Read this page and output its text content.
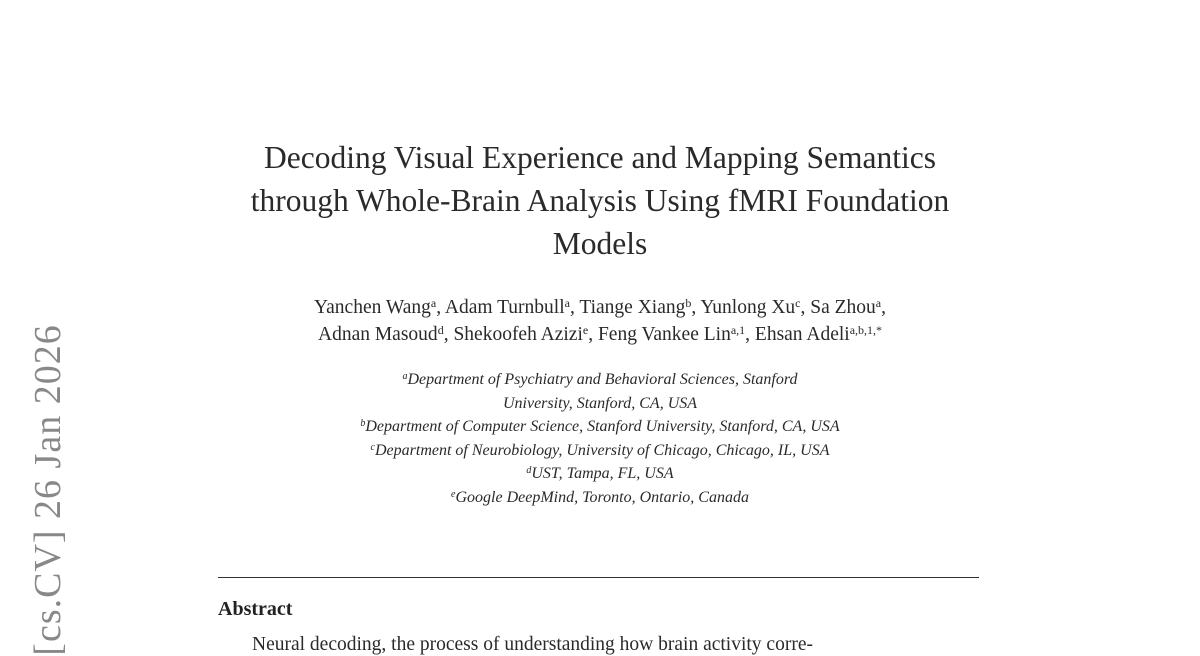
[cs.CV] 26 Jan 2026
Decoding Visual Experience and Mapping Semantics
through Whole-Brain Analysis Using fMRI Foundation
Models
Yanchen Wang$^a$, Adam Turnbull$^a$, Tiange Xiang$^b$, Yunlong Xu$^c$, Sa Zhou$^a$,
Adnan Masoud$^d$, Shekoofeh Azizi$^e$, Feng Vankee Lin$^{a,1}$, Ehsan Adeli$^{a,b,1,*}$
$^a$Department of Psychiatry and Behavioral Sciences, Stanford
University, Stanford, CA, USA
$^b$Department of Computer Science, Stanford University, Stanford, CA, USA
$^c$Department of Neurobiology, University of Chicago, Chicago, IL, USA
$^d$UST, Tampa, FL, USA
$^e$Google DeepMind, Toronto, Ontario, Canada
Abstract
Neural decoding, the process of understanding how brain activity corre-
